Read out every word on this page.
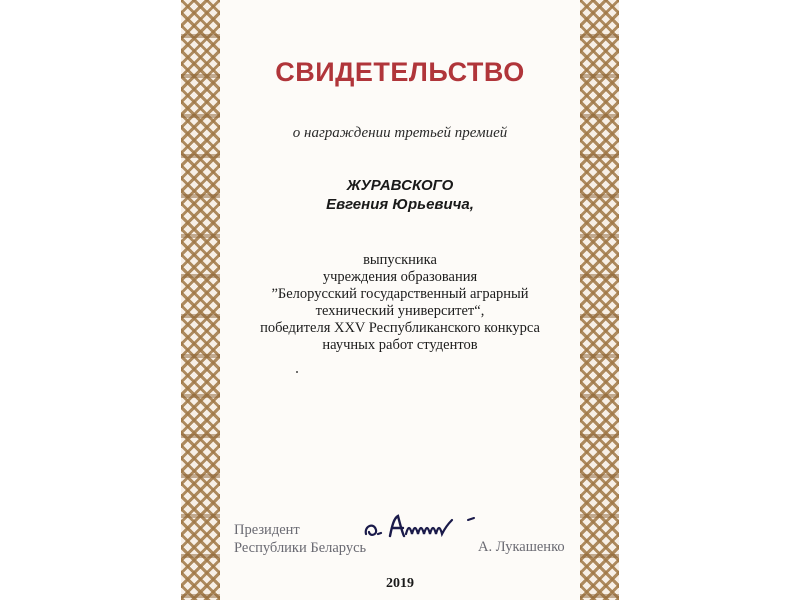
СВИДЕТЕЛЬСТВО
о награждении третьей премией
ЖУРАВСКОГО
Евгения Юрьевича,
выпускника
учреждения образования
”Белорусский государственный аграрный
технический университет“,
победителя XXV Республиканского конкурса
научных работ студентов
Президент
Республики Беларусь	А. Лукашенко
2019
